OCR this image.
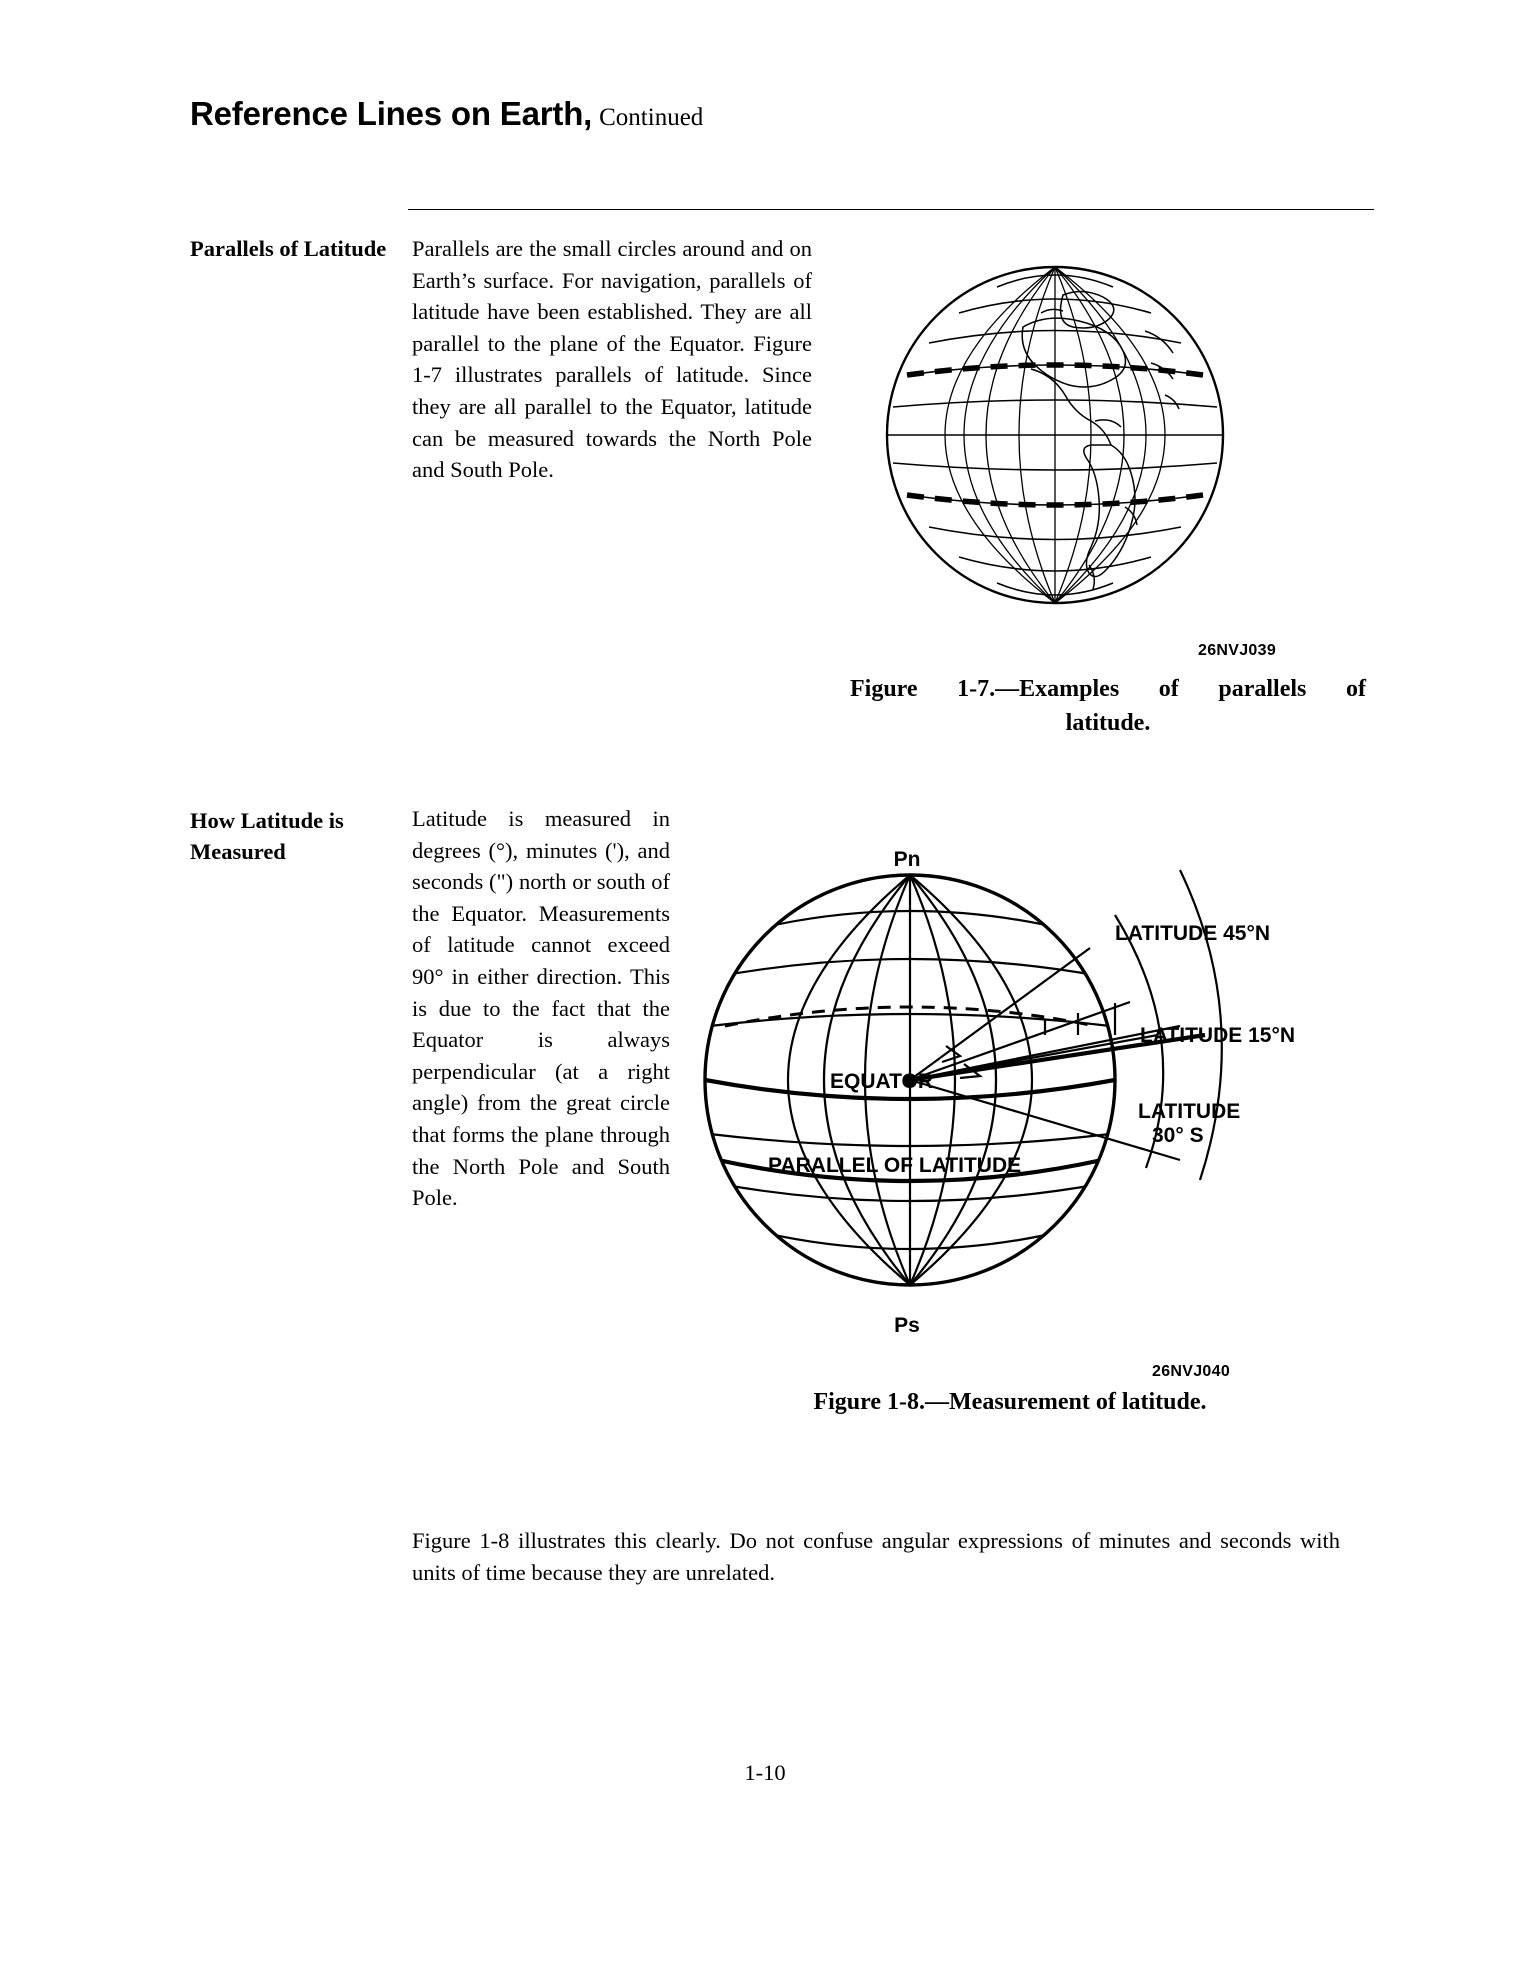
Reference Lines on Earth, Continued
Parallels of Latitude	Parallels are the small circles around and on Earth’s surface. For navigation, parallels of latitude have been established. They are all parallel to the plane of the Equator. Figure 1-7 illustrates parallels of latitude. Since they are all parallel to the Equator, latitude can be measured towards the North Pole and South Pole.
26NVJ039
Figure 1-7.—Examples of parallels of
latitude.
How Latitude is Measured
Latitude is measured in degrees (°), minutes ('), and seconds (") north or south of the Equator. Measurements of latitude cannot exceed 90° in either direction. This is due to the fact that the Equator is always perpendicular (at a right angle) from the great circle that forms the plane through the North Pole and South Pole.
Pn
Ps
EQUATOR
PARALLEL OF LATITUDE
LATITUDE 45°N
LATITUDE 15°N
LATITUDE
30° S
26NVJ040
Figure 1-8.—Measurement of latitude.
Figure 1-8 illustrates this clearly. Do not confuse angular expressions of minutes and seconds with units of time because they are unrelated.
1-10
